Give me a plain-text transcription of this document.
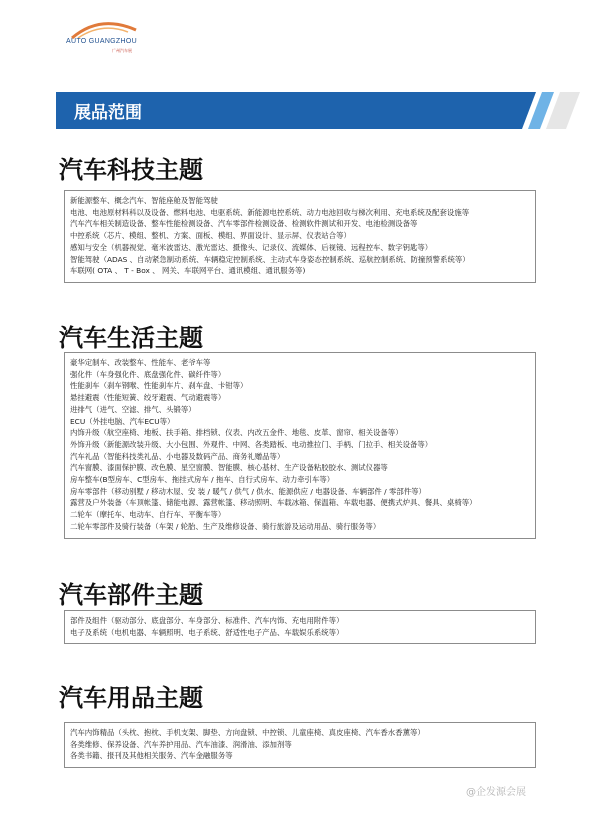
AUTO GUANGZHOU
广州汽车展
展品范围
汽车科技主题
新能源整车、概念汽车、智能座舱及智能驾驶
电池、电池原材料科以及设备、燃料电池、电驱系统、新能源电控系统、动力电池回收与梯次利用、充电系统及配套设施等
汽车汽车相关制造设备、整车性能检测设备、汽车零部件检测设备、检测软件测试和开发、电池检测设备等
中控系统（芯片、模组、整机、方案、面板、模组、界面设计、显示屏、仪表站合等）
感知与安全（机器视觉、毫米波雷达、激光雷达、摄像头、记录仪、流媒体、后视镜、远程控车、数字钥匙等）
智能驾驶（ADAS 、自动紧急制动系统、车辆稳定控制系统、主动式车身姿态控制系统、巡航控制系统、防撞预警系统等）
车联网( OTA 、 T - Box 、 网关、车联网平台、通讯模组、通讯服务等)
汽车生活主题
豪华定制车、改装整车、性能车、老爷车等
强化件（车身强化件、底盘强化件、碳纤件等）
性能刹车（刹车钢喉、性能刹车片、刹车盘、卡钳等）
悬挂避震（性能短簧、绞牙避震、气动避震等）
进排气（进气、空滤、排气、头锻等）
ECU（外挂电脑、汽车ECU等）
内饰升级（航空座椅、地板、扶手箱、排档锁、仪表、内改五金件、地毯、皮革、窗帘、相关设备等）
外饰升级（新能源改装升级、大小包围、外观件、中网、各类踏板、电动推拉门、手柄、门拉手、相关设备等）
汽车礼品（智能科技类礼品、小电器及数码产品、商务礼赠品等）
汽车窗膜、漆面保护膜、改色膜、星空窗膜、智能膜、核心基材、生产设备粘胶胶水、测试仪器等
房车整车(B型房车、C型房车、拖挂式房车 / 拖车、自行式房车、动力牵引车等）
房车零部件（移动别墅 / 移动木屋、安 装 / 暖气 / 供气 / 供水、能源供应 / 电器设备、车辆部件 / 零部件等）
露营及户外装备（车顶帐篷、储能电源、露营帐篷、移动照明、车载冰箱、保温箱、车载电器、便携式炉具、餐具、桌椅等）
二轮车（摩托车、电动车、自行车、平衡车等）
二轮车零部件及骑行装备（车架 / 轮胎、生产及维修设备、骑行旅游及运动用品、骑行服务等）
汽车部件主题
部件及组件（驱动部分、底盘部分、车身部分、标准件、汽车内饰、充电用附件等）
电子及系统（电机电器、车辆照明、电子系统、舒适性电子产品、车载娱乐系统等）
汽车用品主题
汽车内饰精品（头枕、抱枕、手机支架、脚垫、方向盘锁、中控锁、儿童座椅、真皮座椅、汽车香水香薰等）
各类维修、保养设备、汽车养护用品、汽车油漆、润滑油、添加剂等
各类书籍、报刊及其他相关服务、汽车金融服务等
@企发源会展
